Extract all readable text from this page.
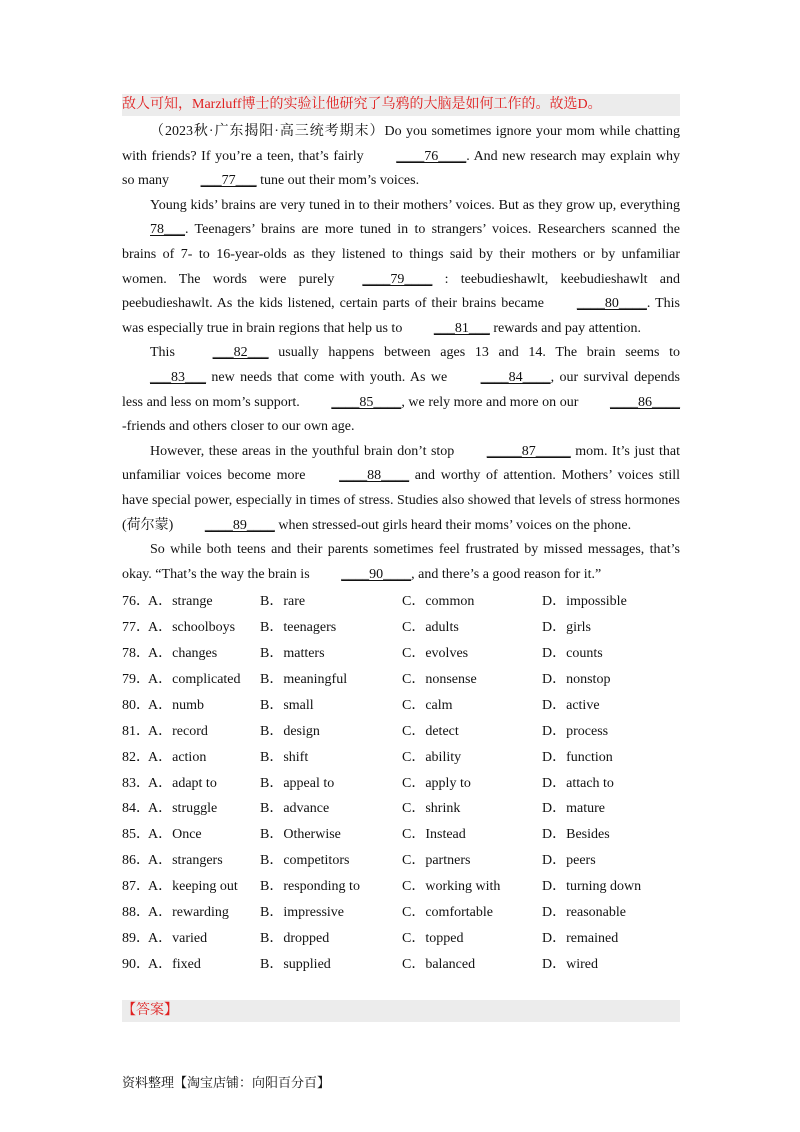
敌人可知，Marzluff博士的实验让他研究了乌鸦的大脑是如何工作的。故选D。

（2023秋·广东揭阳·高三统考期末）Do you sometimes ignore your mom while chatting with friends? If you’re a teen, that’s fairly ____76____. And new research may explain why so many ___77___ tune out their mom’s voices.

Young kids’ brains are very tuned in to their mothers’ voices. But as they grow up, everything 78___. Teenagers’ brains are more tuned in to strangers’ voices. Researchers scanned the brains of 7- to 16-year-olds as they listened to things said by their mothers or by unfamiliar women. The words were purely ____79____ : teebudieshawlt, keebudieshawlt and peebudieshawlt. As the kids listened, certain parts of their brains became ____80____. This was especially true in brain regions that help us to ___81___ rewards and pay attention.

This ___82___ usually happens between ages 13 and 14. The brain seems to___83___ new needs that come with youth. As we ____84____, our survival depends less and less on mom’s support. ____85____, we rely more and more on our ____86____-friends and others closer to our own age.

However, these areas in the youthful brain don’t stop _____87_____ mom. It’s just that unfamiliar voices become more ____88____ and worthy of attention. Mothers’ voices still have special power, especially in times of stress. Studies also showed that levels of stress hormones (荷尔蒙) ____89____ when stressed-out girls heard their moms’ voices on the phone.

So while both teens and their parents sometimes feel frustrated by missed messages, that’s okay. “That’s the way the brain is ____90____, and there’s a good reason for it.”

76．
A．strange	B．rare	C．common	D．impossible
77．
A．schoolboys	B．teenagers	C．adults	D．girls
78．
A．changes	B．matters	C．evolves	D．counts
79．
A．complicated	B．meaningful	C．nonsense	D．nonstop
80．
A．numb	B．small	C．calm	D．active
81．
A．record	B．design	C．detect	D．process
82．
A．action	B．shift	C．ability	D．function
83．
A．adapt to	B．appeal to	C．apply to	D．attach to
84．
A．struggle	B．advance	C．shrink	D．mature
85．
A．Once	B．Otherwise	C．Instead	D．Besides
86．
A．strangers	B．competitors	C．partners	D．peers
87．
A．keeping out	B．responding to	C．working with	D．turning down
88．
A．rewarding	B．impressive	C．comfortable	D．reasonable
89．
A．varied	B．dropped	C．topped	D．remained
90．
A．fixed	B．supplied	C．balanced	D．wired
【答案】
资料整理【淘宝店铺：向阳百分百】
